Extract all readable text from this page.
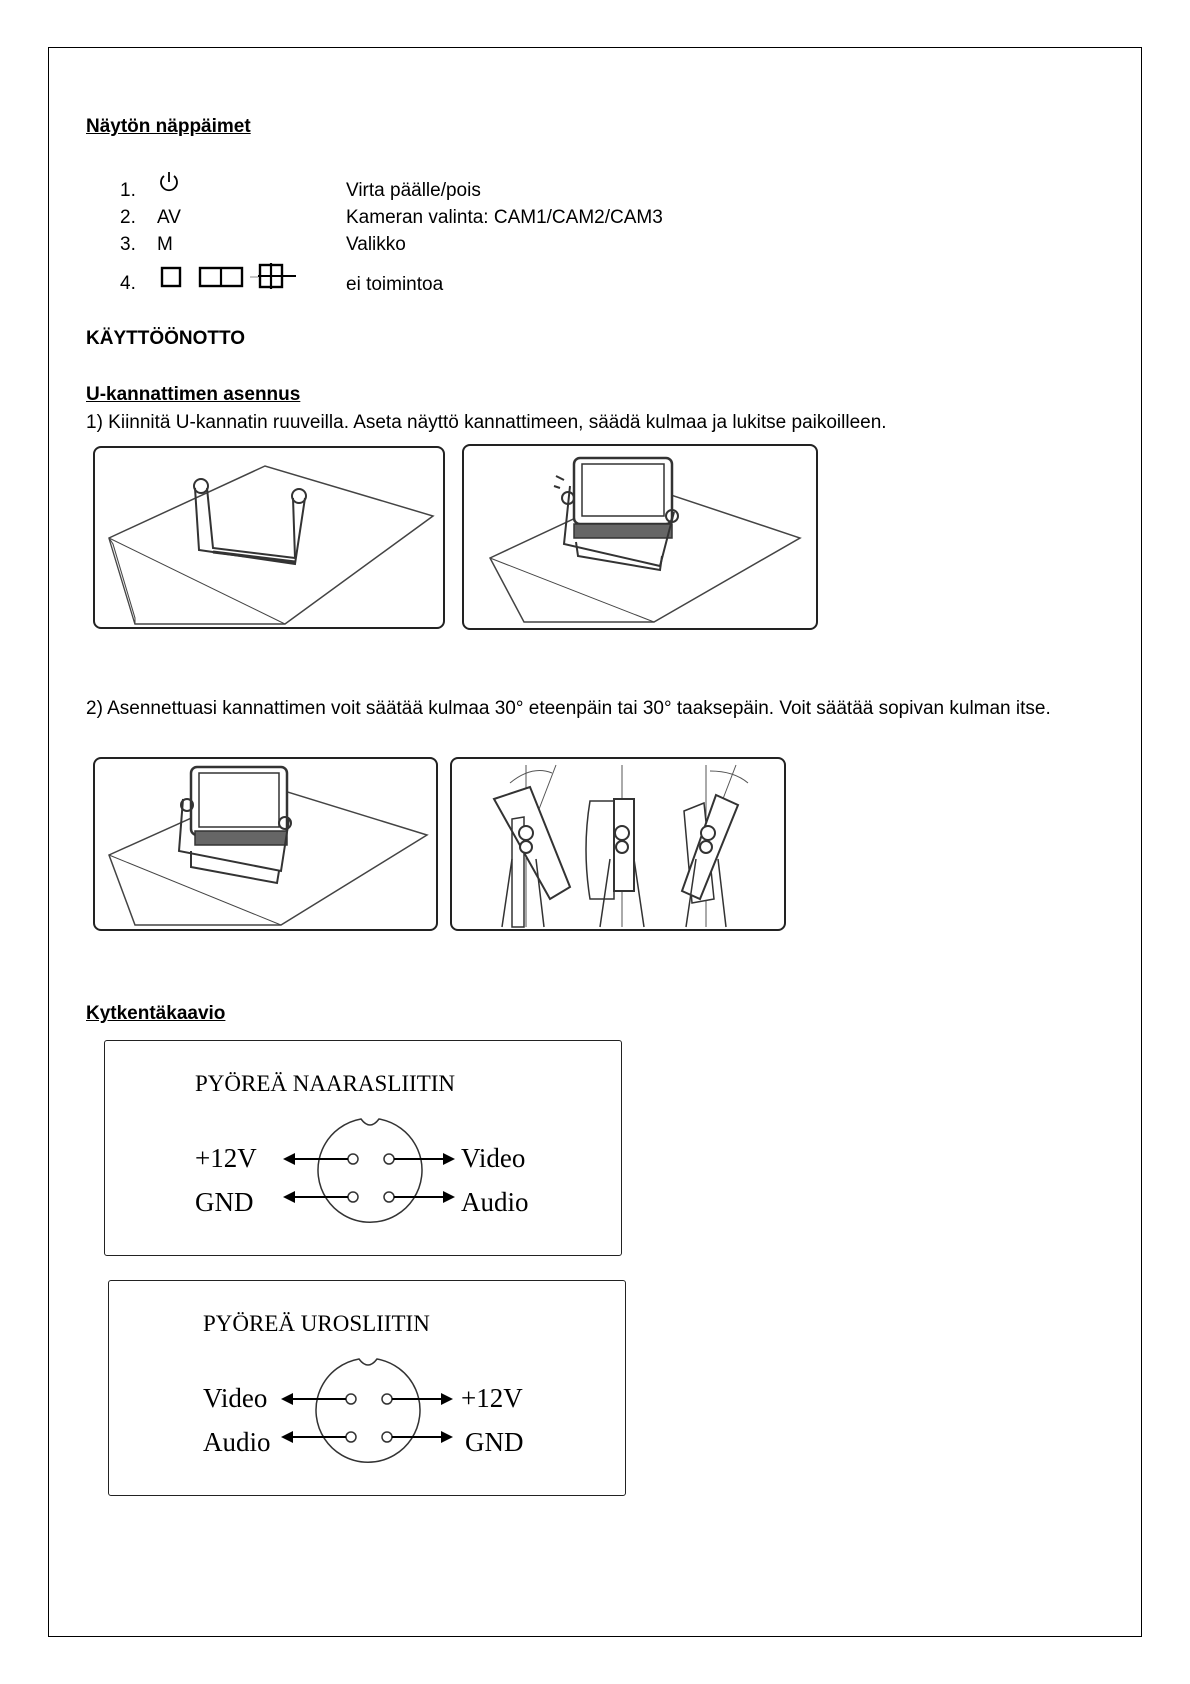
Näytön näppäimet
1.	Virta päälle/pois
2. AV	Kameran valinta: CAM1/CAM2/CAM3
3. M	Valikko
4.	ei toimintoa
KÄYTTÖÖNOTTO
U-kannattimen asennus
1) Kiinnitä U-kannatin ruuveilla. Aseta näyttö kannattimeen, säädä kulmaa ja lukitse paikoilleen.
2) Asennettuasi kannattimen voit säätää kulmaa 30° eteenpäin tai 30° taaksepäin. Voit säätää sopivan kulman itse.
Kytkentäkaavio
PYÖREÄ NAARASLIITIN
+12V
GND
Video
Audio
PYÖREÄ UROSLIITIN
Video
Audio
+12V
GND
